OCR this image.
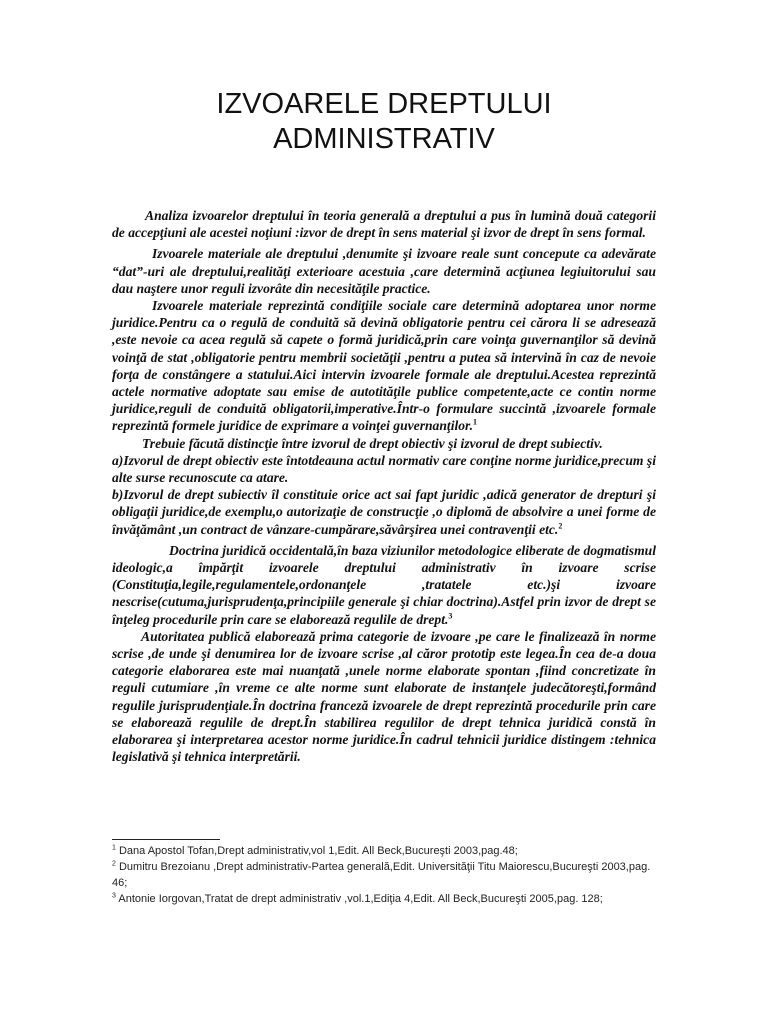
IZVOARELE DREPTULUI
ADMINISTRATIV

Analiza izvoarelor dreptului în teoria generală a dreptului a pus în lumină două categorii de accepţiuni ale acestei noţiuni :izvor de drept în sens material şi izvor de drept în sens formal.

Izvoarele materiale ale dreptului ,denumite şi izvoare reale sunt concepute ca adevărate “dat”-uri ale dreptului,realităţi exterioare acestuia ,care determină acţiunea legiuitorului sau dau naştere unor reguli izvorâte din necesităţile practice.

Izvoarele materiale reprezintă condiţiile sociale care determină adoptarea unor norme juridice.Pentru ca o regulă de conduită să devină obligatorie pentru cei cărora li se adresează ,este nevoie ca acea regulă să capete o formă juridică,prin care voinţa guvernanţilor să devină voinţă de stat ,obligatorie pentru membrii societăţii ,pentru a putea să intervină în caz de nevoie forţa de constângere a statului.Aici intervin izvoarele formale ale dreptului.Acestea reprezintă actele normative adoptate sau emise de autotităţile publice competente,acte ce contin norme juridice,reguli de conduită obligatorii,imperative.Într-o formulare succintă ,izvoarele formale reprezintă formele juridice de exprimare a voinţei guvernanţilor.$^1$

Trebuie făcută distincţie între izvorul de drept obiectiv şi izvorul de drept subiectiv.

a)Izvorul de drept obiectiv este întotdeauna actul normativ care conţine norme juridice,precum şi alte surse recunoscute ca atare.

b)Izvorul de drept subiectiv îl constituie orice act sai fapt juridic ,adică generator de drepturi şi obligaţii juridice,de exemplu,o autorizaţie de construcţie ,o diplomă de absolvire a unei forme de învăţământ ,un contract de vânzare-cumpărare,săvârşirea unei contravenţii etc.$^2$

Doctrina juridică occidentală,în baza viziunilor metodologice eliberate de dogmatismul ideologic,a împărţit izvoarele dreptului administrativ în izvoare scrise (Constituţia,legile,regulamentele,ordonanţele ,tratatele etc.)şi izvoare nescrise(cutuma,jurisprudenţa,principiile generale şi chiar doctrina).Astfel prin izvor de drept se înţeleg procedurile prin care se elaborează regulile de drept.$^3$

Autoritatea publică elaborează prima categorie de izvoare ,pe care le finalizează în norme scrise ,de unde şi denumirea lor de izvoare scrise ,al căror prototip este legea.În cea de-a doua categorie elaborarea este mai nuanţată ,unele norme elaborate spontan ,fiind concretizate în reguli cutumiare ,în vreme ce alte norme sunt elaborate de instanţele judecătoreşti,formând regulile jurisprudenţiale.În doctrina franceză izvoarele de drept reprezintă procedurile prin care se elaborează regulile de drept.În stabilirea regulilor de drept tehnica juridică constă în elaborarea şi interpretarea acestor norme juridice.În cadrul tehnicii juridice distingem :tehnica legislativă şi tehnica interpretării.

$^1$ Dana Apostol Tofan,Drept administrativ,vol 1,Edit. All Beck,Bucureşti 2003,pag.48;

$^2$ Dumitru Brezoianu ,Drept administrativ-Partea generală,Edit. Universităţii Titu Maiorescu,Bucureşti 2003,pag. 46;

$^3$ Antonie Iorgovan,Tratat de drept administrativ ,vol.1,Ediţia 4,Edit. All Beck,Bucureşti 2005,pag. 128;
